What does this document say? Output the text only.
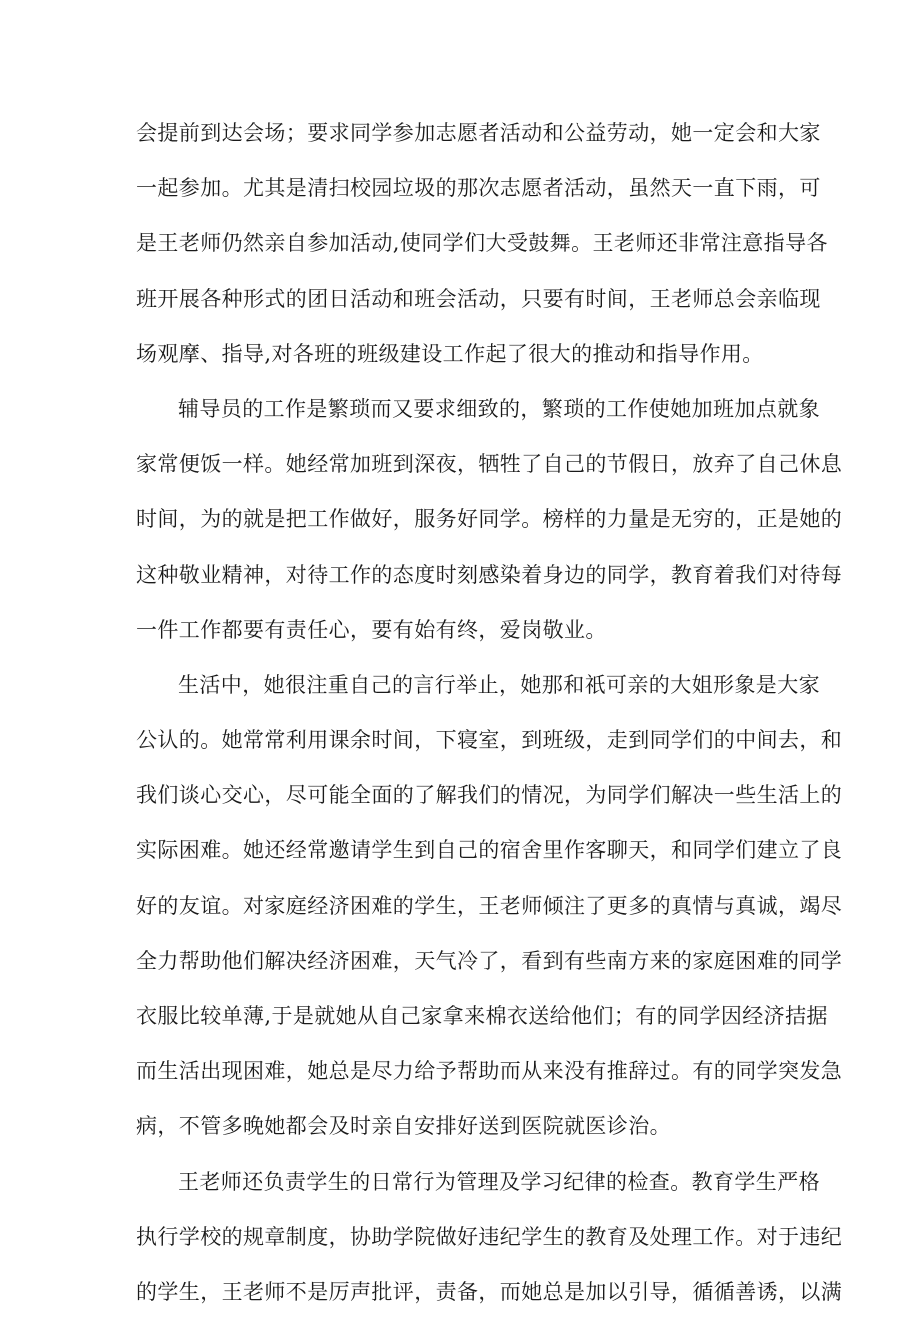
会提前到达会场；要求同学参加志愿者活动和公益劳动，她一定会和大家
一起参加。尤其是清扫校园垃圾的那次志愿者活动，虽然天一直下雨，可
是王老师仍然亲自参加活动,使同学们大受鼓舞。王老师还非常注意指导各
班开展各种形式的团日活动和班会活动，只要有时间，王老师总会亲临现
场观摩、指导,对各班的班级建设工作起了很大的推动和指导作用。
辅导员的工作是繁琐而又要求细致的，繁琐的工作使她加班加点就象
家常便饭一样。她经常加班到深夜，牺牲了自己的节假日，放弃了自己休息
时间，为的就是把工作做好，服务好同学。榜样的力量是无穷的，正是她的
这种敬业精神，对待工作的态度时刻感染着身边的同学，教育着我们对待每
一件工作都要有责任心，要有始有终，爱岗敬业。
生活中，她很注重自己的言行举止，她那和祇可亲的大姐形象是大家
公认的。她常常利用课余时间，下寝室，到班级，走到同学们的中间去，和
我们谈心交心，尽可能全面的了解我们的情况，为同学们解决一些生活上的
实际困难。她还经常邀请学生到自己的宿舍里作客聊天，和同学们建立了良
好的友谊。对家庭经济困难的学生，王老师倾注了更多的真情与真诚，竭尽
全力帮助他们解决经济困难，天气冷了，看到有些南方来的家庭困难的同学
衣服比较单薄,于是就她从自己家拿来棉衣送给他们；有的同学因经济拮据
而生活出现困难，她总是尽力给予帮助而从来没有推辞过。有的同学突发急
病，不管多晚她都会及时亲自安排好送到医院就医诊治。
王老师还负责学生的日常行为管理及学习纪律的检查。教育学生严格
执行学校的规章制度，协助学院做好违纪学生的教育及处理工作。对于违纪
的学生，王老师不是厉声批评，责备，而她总是加以引导，循循善诱，以满
